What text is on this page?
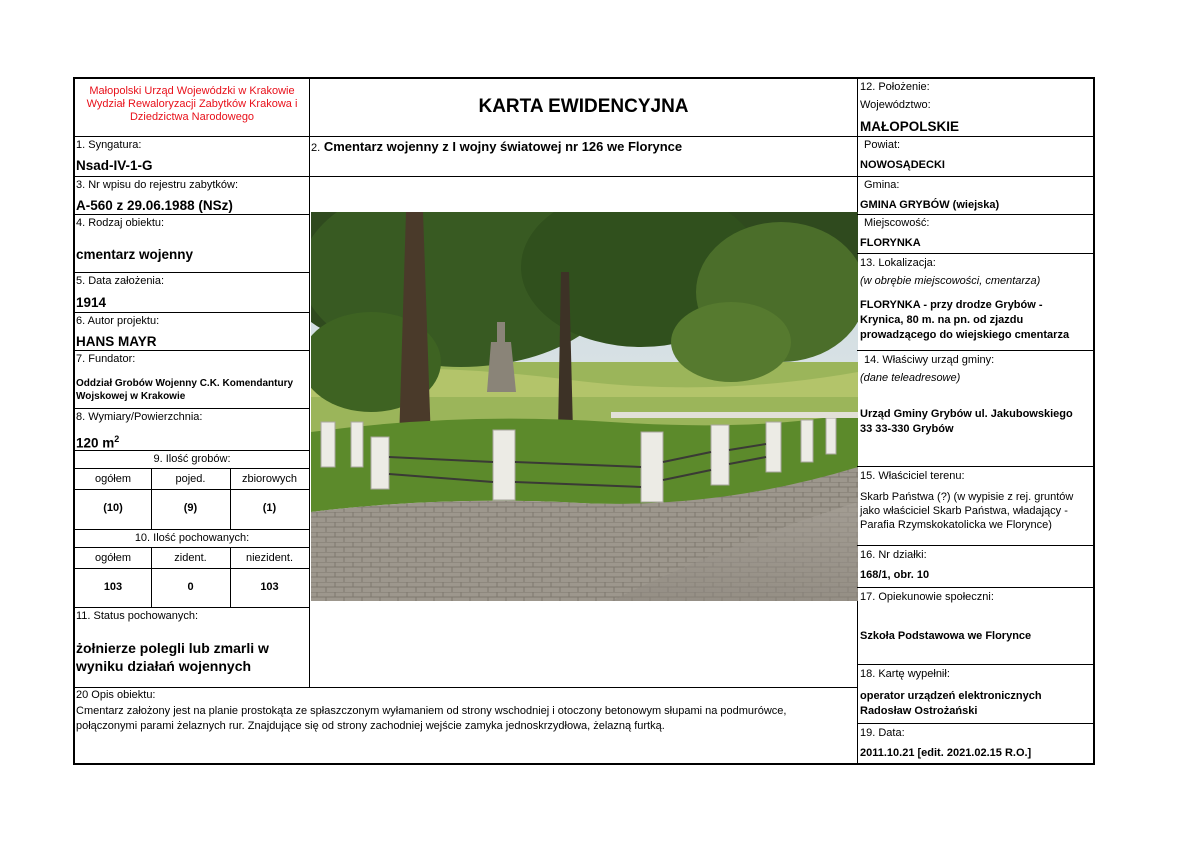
Małopolski Urząd Wojewódzki w Krakowie
Wydział Rewaloryzacji Zabytków Krakowa i
Dziedzictwa Narodowego	KARTA EWIDENCYJNA
1. Syngatura:
Nsad-IV-1-G
3. Nr wpisu do rejestru zabytków:
A-560 z 29.06.1988 (NSz)
4. Rodzaj obiektu:
cmentarz wojenny
5. Data założenia:
1914
6. Autor projektu:
HANS MAYR
7. Fundator:
Oddział Grobów Wojenny C.K. Komendantury
Wojskowej w Krakowie
8. Wymiary/Powierzchnia:
120 $m^2$
9. Ilość grobów:
ogółem	pojed.	zbiorowych
(10)	(9)	(1)
10. Ilość pochowanych:
ogółem	zident.	niezident.
103	0	103
11. Status pochowanych:
żołnierze polegli lub zmarli w
wyniku działań wojennych
2. Cmentarz wojenny z I wojny światowej nr 126 we Florynce
20 Opis obiektu:
Cmentarz założony jest na planie prostokąta ze spłaszczonym wyłamaniem od strony wschodniej i otoczony betonowym słupami na podmurówce,
połączonymi parami żelaznych rur. Znajdujące się od strony zachodniej wejście zamyka jednoskrzydłowa, żelazną furtką.
12. Położenie:
Województwo:
MAŁOPOLSKIE
Powiat:
NOWOSĄDECKI
Gmina:
GMINA GRYBÓW (wiejska)
Miejscowość:
FLORYNKA
13. Lokalizacja:
(w obrębie miejscowości, cmentarza)
FLORYNKA - przy drodze Grybów -
Krynica, 80 m. na pn. od zjazdu
prowadzącego do wiejskiego cmentarza
14. Właściwy urząd gminy:
(dane teleadresowe)
Urząd Gminy Grybów ul. Jakubowskiego
33 33-330 Grybów
15. Właściciel terenu:
Skarb Państwa (?) (w wypisie z rej. gruntów
jako właściciel Skarb Państwa, władający -
Parafia Rzymskokatolicka we Florynce)
16. Nr działki:
168/1, obr. 10
17. Opiekunowie społeczni:
Szkoła Podstawowa we Florynce
18. Kartę wypełnił:
operator urządzeń elektronicznych
Radosław Ostrożański
19. Data:
2011.10.21 [edit. 2021.02.15 R.O.]
